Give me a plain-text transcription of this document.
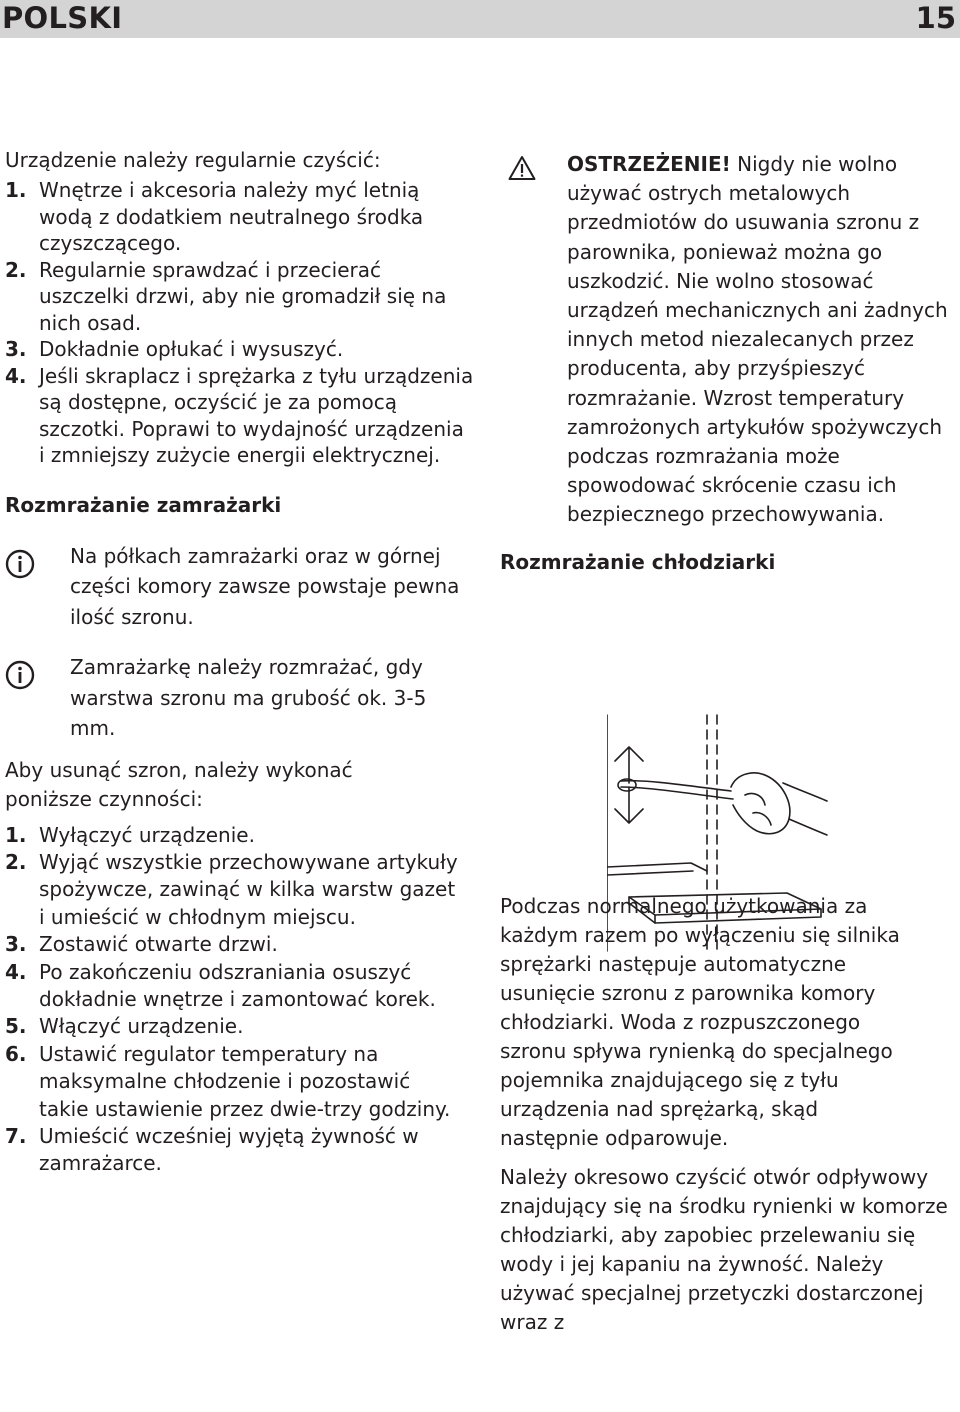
POLSKI	15

Urządzenie należy regularnie czyścić:

1. Wnętrze i akcesoria należy myć letnią wodą z dodatkiem neutralnego środka czyszczącego.
2. Regularnie sprawdzać i przecierać uszczelki drzwi, aby nie gromadził się na nich osad.
3. Dokładnie opłukać i wysuszyć.
4. Jeśli skraplacz i sprężarka z tyłu urządzenia są dostępne, oczyścić je za pomocą szczotki. Poprawi to wydajność urządzenia i zmniejszy zużycie energii elektrycznej.
Rozmrażanie zamrażarki

Na półkach zamrażarki oraz w górnej części komory zawsze powstaje pewna ilość szronu.

Zamrażarkę należy rozmrażać, gdy warstwa szronu ma grubość ok. 3-5 mm.

Aby usunąć szron, należy wykonać poniższe czynności:

1. Wyłączyć urządzenie.
2. Wyjąć wszystkie przechowywane artykuły spożywcze, zawinąć w kilka warstw gazet i umieścić w chłodnym miejscu.
3. Zostawić otwarte drzwi.
4. Po zakończeniu odszraniania osuszyć dokładnie wnętrze i zamontować korek.
5. Włączyć urządzenie.
6. Ustawić regulator temperatury na maksymalne chłodzenie i pozostawić takie ustawienie przez dwie-trzy godziny.
7. Umieścić wcześniej wyjętą żywność w zamrażarce.

OSTRZEŻENIE! Nigdy nie wolno używać ostrych metalowych przedmiotów do usuwania szronu z parownika, ponieważ można go uszkodzić. Nie wolno stosować urządzeń mechanicznych ani żadnych innych metod niezalecanych przez producenta, aby przyśpieszyć rozmrażanie. Wzrost temperatury zamrożonych artykułów spożywczych podczas rozmrażania może spowodować skrócenie czasu ich bezpiecznego przechowywania.

Rozmrażanie chłodziarki

Podczas normalnego użytkowania za każdym razem po wyłączeniu się silnika sprężarki następuje automatyczne usunięcie szronu z parownika komory chłodziarki. Woda z rozpuszczonego szronu spływa rynienką do specjalnego pojemnika znajdującego się z tyłu urządzenia nad sprężarką, skąd następnie odparowuje.

Należy okresowo czyścić otwór odpływowy znajdujący się na środku rynienki w komorze chłodziarki, aby zapobiec przelewaniu się wody i jej kapaniu na żywność. Należy używać specjalnej przetyczki dostarczonej wraz z
